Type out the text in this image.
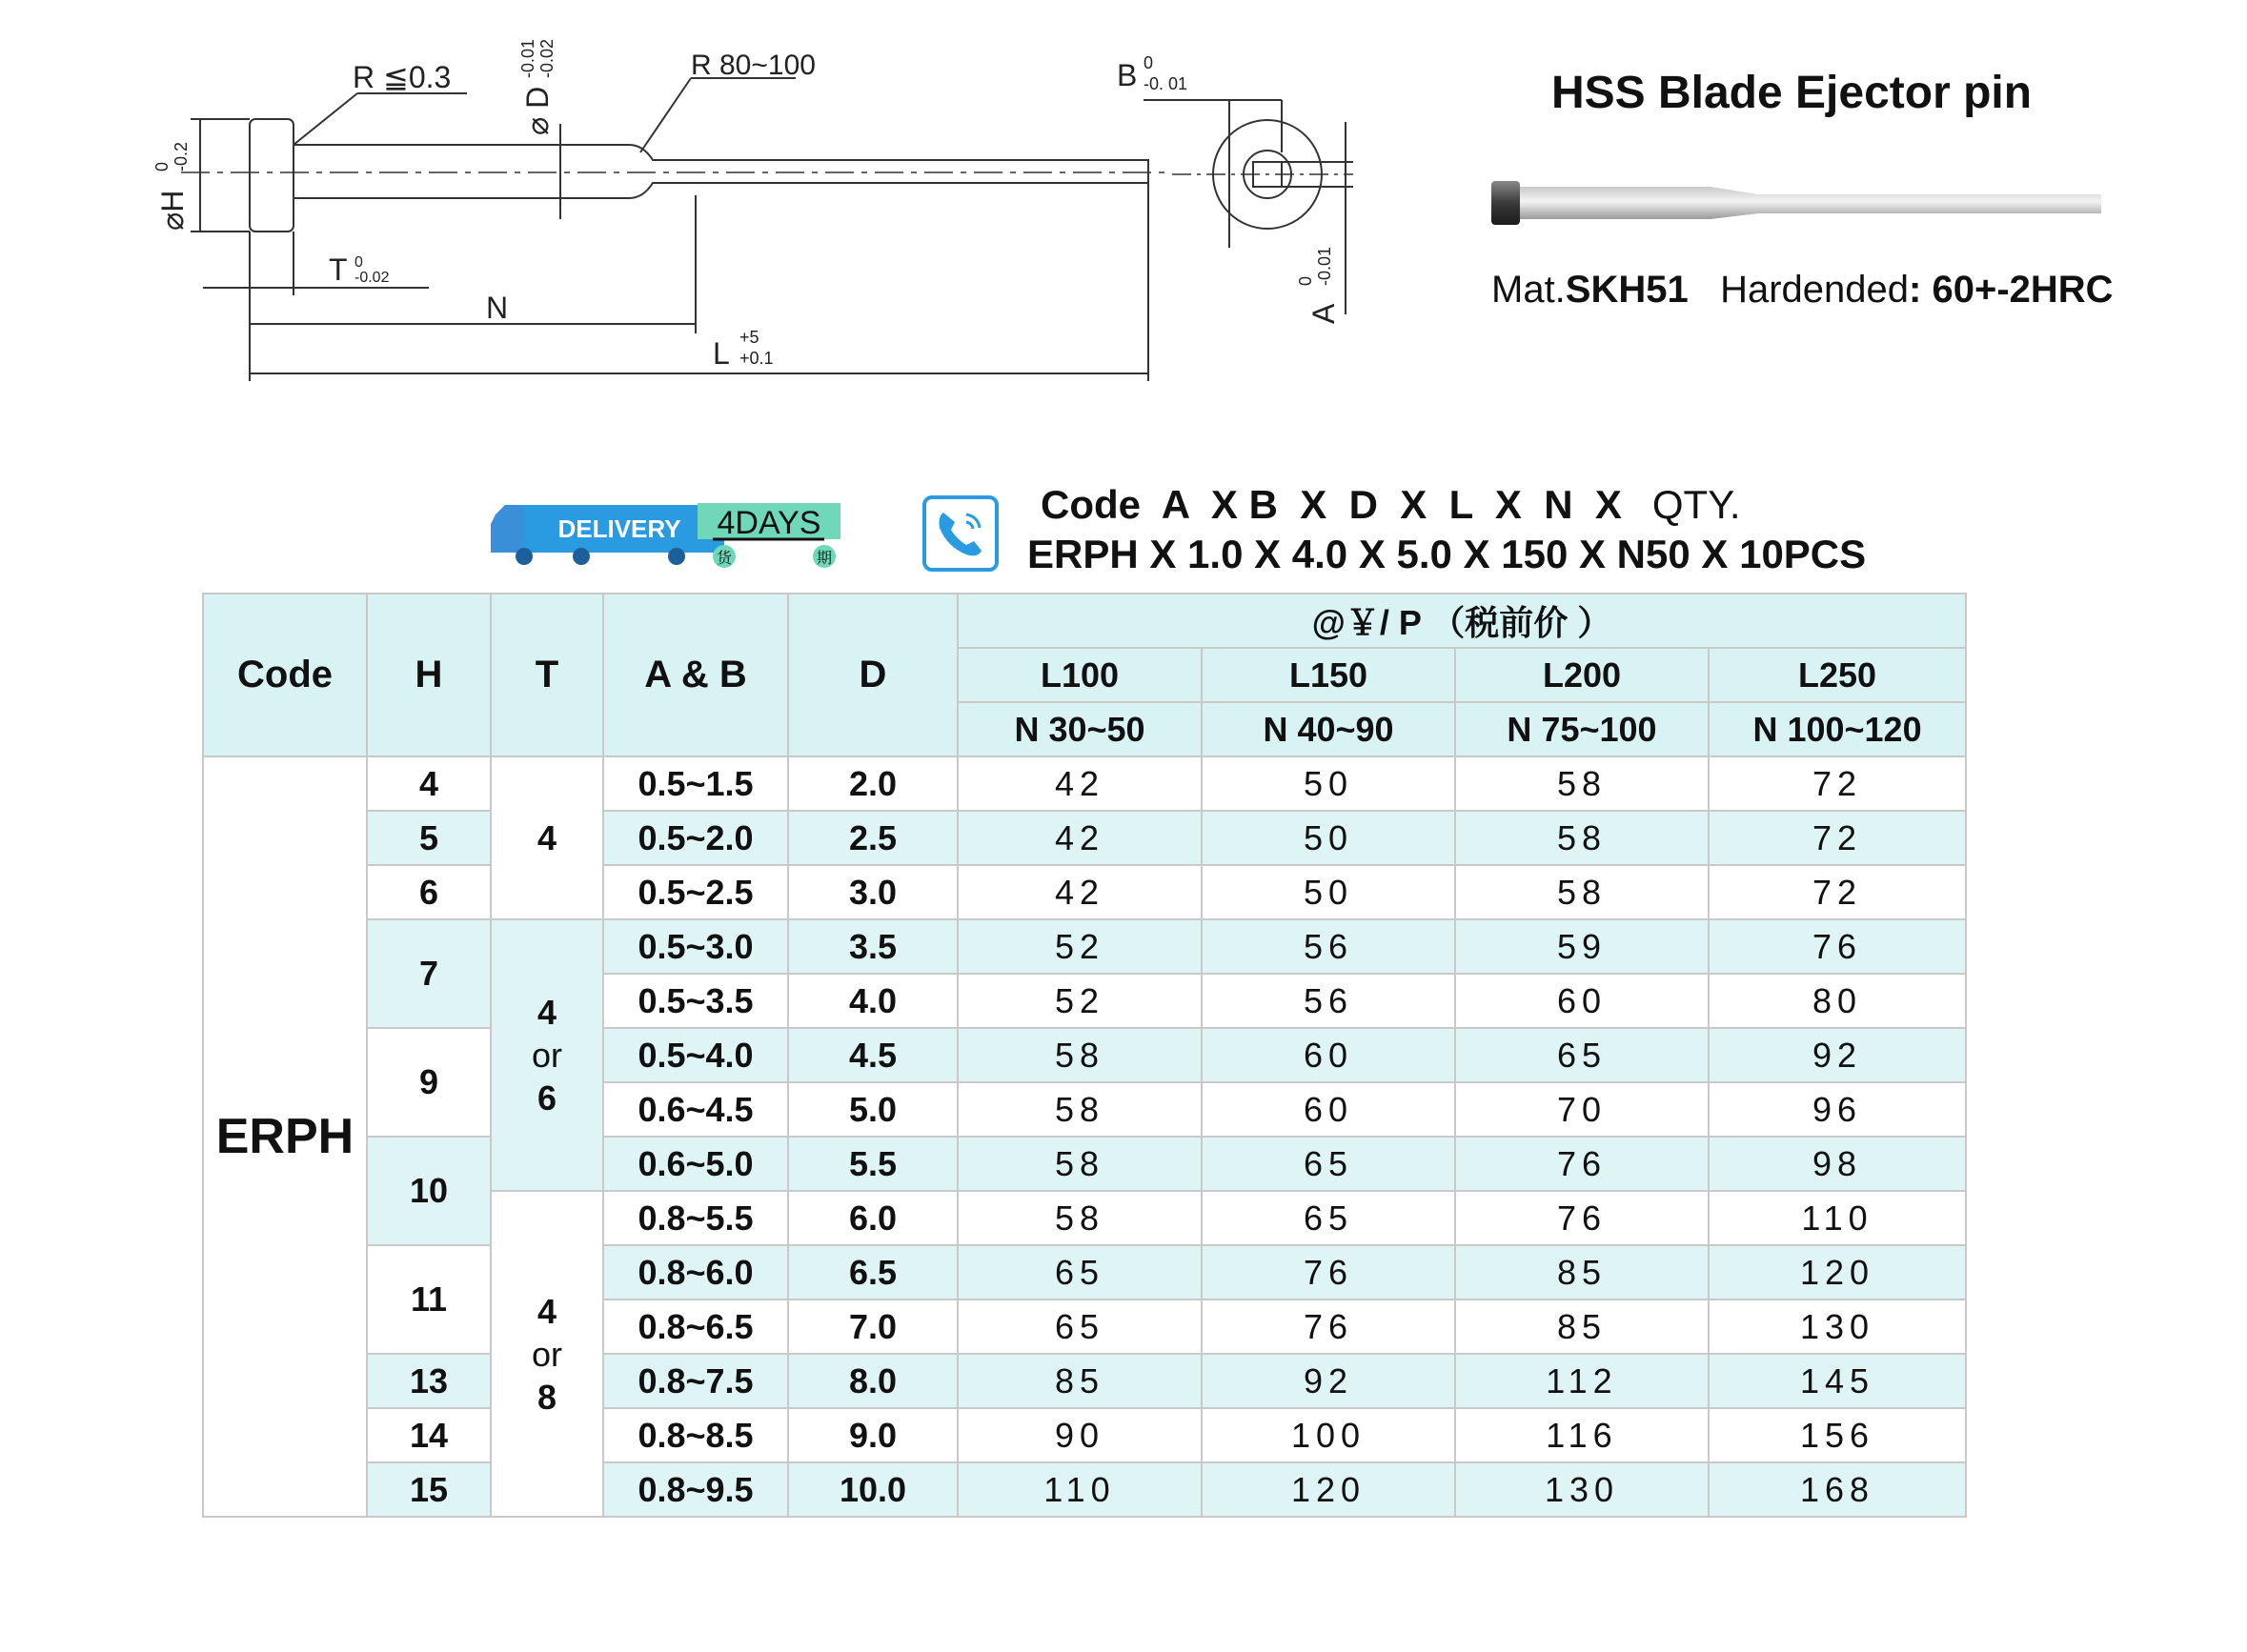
R ≦0.3	R 80~100
⌀ D
-0.01 -0.02
⌀H
0 -0.2
T 0
-0.02
N
L +5
+0.1
B 0
-0. 01
A
0 -0.01
HSS Blade Ejector pin
Mat.SKH51 Hardended: 60+-2HRC
DELIVERY 4DAYS
货	期
Code  A  X B  X  D  X  L  X  N  X QTY.
ERPH X 1.0 X 4.0 X 5.0 X 150 X N50 X 10PCS
Code	H	T	A & B	D	@￥/ P （税前价 ）			
					L100	L150	L200	L250
					N 30~50	N 40~90	N 75~100	N 100~120
ERPH	4	4	0.5~1.5	2.0	42	50	58	72
	5		0.5~2.0	2.5	42	50	58	72
	6		0.5~2.5	3.0	42	50	58	72
	7	4
or
6	0.5~3.0	3.5	52	56	59	76
			0.5~3.5	4.0	52	56	60	80
	9		0.5~4.0	4.5	58	60	65	92
			0.6~4.5	5.0	58	60	70	96
	10		0.6~5.0	5.5	58	65	76	98

		4
or
8	0.8~5.5	6.0	58	65	76	110
	11		0.8~6.0	6.5	65	76	85	120
			0.8~6.5	7.0	65	76	85	130
	13		0.8~7.5	8.0	85	92	112	145
	14		0.8~8.5	9.0	90	100	116	156
	15		0.8~9.5	10.0	110	120	130	168
